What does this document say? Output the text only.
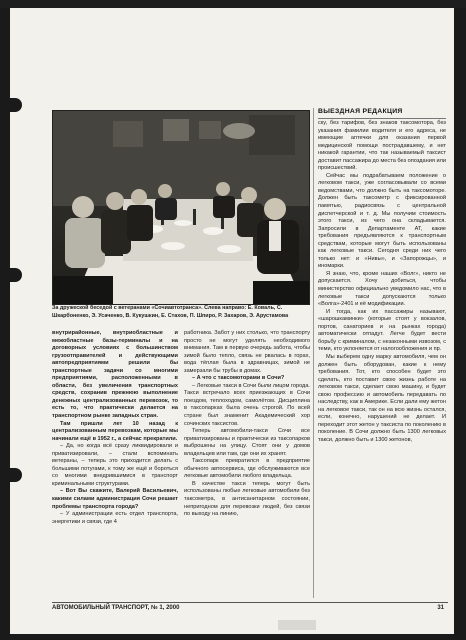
За дружеской беседой с ветеранами «Сочиавтотранса». Слева направо: Е. Коваль, С. Шкарбоненко, Э. Усаченко, В. Кукушкин, Е. Стахов, П. Шпиро, Р. Захаров, Э. Арустамова

внутрирайонные, внутриобластные и межобластные базы-терминалы и на договорных условиях с большинством грузоотправителей и действующими автопредприятиями решили бы транспортные задачи со многими предприятиями, расположенными в области, без увеличения транспортных средств, сохранив прежнюю выполнение денежных централизованных перевозок, то есть то, что практически делается на транспортном рынке западных стран.

Там пришли лет 10 назад к централизованным перевозкам, которые мы начинали ещё в 1952 г., а сейчас прекратили.

– Да, но когда всё сразу ликвидировали и приватизировали, – стали вспоминать ветераны, – теперь это приходится делать с большими потугами, к тому же ещё и бороться со многими внедрившимися в транспорт криминальными структурами.

– Вот Вы скажите, Валерий Васильевич, какими силами администрация Сочи решает проблемы транспорта города?

– У администрации есть отдел транспорта, энергетики и связи, где 4

работника. Забот у них столько, что транспорту просто не могут уделять необходимого внимания. Там в первую очередь забота, чтобы зимой было тепло, связь не рвалась в горах, вода тёплая была в здравницах, зимой не замерзали бы трубы в домах.

– А что с таксомоторами в Сочи?

– Легковые такси в Сочи были лицом города. Такси встречало всех приезжающих в Сочи поездом, теплоходом, самолётом. Дисциплина в таксопарках была очень строгой. По всей стране был знаменит Академический хор сочинских таксистов.

Теперь автомобили-такси Сочи все приватизированы и практически из таксопарков выброшены на улицу. Стоят они у домов владельцев или там, где они их хранят.

Таксопарк превратился в предприятие обычного автосервиса, где обслуживаются все легковые автомобили любого владельца.

В качестве такси теперь могут быть использованы любые легковые автомобили без таксометра, в антисанитарном состоянии, непригодном для перевозки людей, без связи по выходу на линию,

ВЫЕЗДНАЯ РЕДАКЦИЯ

ску, без тарифов, без знаков таксомотора, без указания фамилии водителя и его адреса, не имеющие аптечки для оказания первой медицинской помощи пострадавшему, и нет никакой гарантии, что так называемый таксист доставит пассажира до места без опоздания или происшествий.

Сейчас мы подрабатываем положение о легковом такси, уже согласовывали со всеми ведомствами, что должно быть на таксомоторе. Должен быть таксометр с фиксированной памятью, радиосвязь с центральной диспетчерской и т. д. Мы получим стоимость этого такси, из чего она складывается. Запросили в Департаменте АТ, какие требования предъявляются к транспортным средствам, которые могут быть использованы как легковые такси. Сегодня среди них чего только нет: и «Нивы», и «Запорожцы», и иномарки.

Я знаю, что, кроме наших «Волг», никто не допускается. Хочу добиться, чтобы министерство официально уведомило нас, что в легковые такси допускаются только «Волга»-2401 и её модификации.

И тогда, как их пассажиры называют, «шарошкаминки» (которые стоят у вокзалов, портов, санаториев и на рынках города) автоматически отпадут. Легче будет вести борьбу с криминалом, с незаконными извозом, с теми, кто уклоняется от налогообложения и пр.

Мы выберем одну марку автомобиля, чем он должен быть оборудован, какие к нему требования. Тот, кто способен будет это сделать, кто поставит свою жизнь работе на легковом такси, сделает свою машину, и будет свою профессию и автомобиль передавать по наследству, как в Америке. Если дали ему жетон на легковое такси, так он на всю жизнь остался, если, конечно, нарушений не делает. И переходит этот жетон у таксиста по поколению в поколение. В Сочи должно быть 1300 легковых такси, должно быть и 1300 жетонов,

АВТОМОБИЛЬНЫЙ ТРАНСПОРТ, № 1, 2000	31
